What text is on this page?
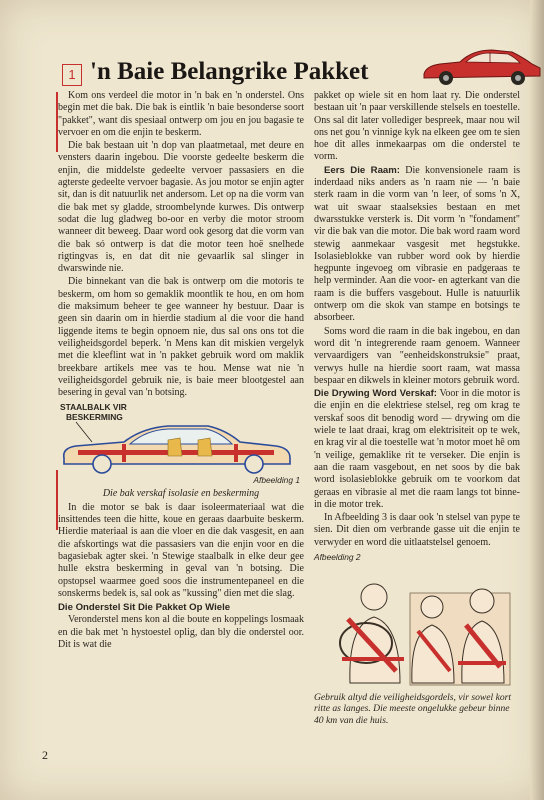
1 'n Baie Belangrike Pakket

Kom ons verdeel die motor in 'n bak en 'n onderstel. Ons begin met die bak. Die bak is eintlik 'n baie besonderse soort "pakket", want dis spesiaal ontwerp om jou en jou bagasie te vervoer en om die enjin te beskerm.

Die bak bestaan uit 'n dop van plaatmetaal, met deure en vensters daarin ingebou. Die voorste gedeelte beskerm die enjin, die middelste gedeelte vervoer passasiers en die agterste gedeelte vervoer bagasie. As jou motor se enjin agter sit, dan is dit natuurlik net andersom. Let op na die vorm van die bak met sy gladde, stroombelynde kurwes. Dis ontwerp sodat die lug gladweg bo-oor en verby die motor stroom wanneer dit beweeg. Daar word ook gesorg dat die vorm van die bak só ontwerp is dat die motor teen hoë snelhede rigtingvas is, en dat dit nie gevaarlik sal slinger in dwarswinde nie.

Die binnekant van die bak is ontwerp om die motoris te beskerm, om hom so gemaklik moontlik te hou, en om hom die maksimum beheer te gee wanneer hy bestuur. Daar is geen sin daarin om in hierdie stadium al die voor die hand liggende items te begin opnoem nie, dus sal ons ons tot die veiligheidsgordel beperk. 'n Mens kan dit miskien vergelyk met die kleeflint wat in 'n pakket gebruik word om maklik breekbare artikels mee vas te hou. Mense wat nie 'n veiligheidsgordel gebruik nie, is baie meer blootgestel aan besering in geval van 'n botsing.

STAALBALK VIR
BESKERMING
Afbeelding 1

Die bak verskaf isolasie en beskerming

In die motor se bak is daar isoleermateriaal wat die insittendes teen die hitte, koue en geraas daarbuite beskerm. Hierdie materiaal is aan die vloer en die dak vasgesit, en aan die afskortings wat die passasiers van die enjin voor en die bagasiebak agter skei. 'n Stewige staalbalk in elke deur gee hulle ekstra beskerming in geval van 'n botsing. Die opstopsel waarmee goed soos die instrumentepaneel en die sonskerms bedek is, sal ook as "kussing" dien met die slag.

Die Onderstel Sit Die Pakket Op Wiele

Veronderstel mens kon al die boute en koppelings losmaak en die bak met 'n hystoestel oplig, dan bly die onderstel oor. Dit is wat die

pakket op wiele sit en hom laat ry. Die onderstel bestaan uit 'n paar verskillende stelsels en toestelle. Ons sal dit later vollediger bespreek, maar nou wil ons net gou 'n vinnige kyk na elkeen gee om te sien hoe dit alles inmekaarpas om die onderstel te vorm.

Eers Die Raam: Die konvensionele raam is inderdaad niks anders as 'n raam nie — 'n baie sterk raam in die vorm van 'n leer, of soms 'n X, wat uit swaar staalseksies bestaan en met dwarsstukke versterk is. Dit vorm 'n "fondament" vir die bak van die motor. Die bak word raam word stewig aanmekaar vasgesit met hegstukke. Isolasieblokke van rubber word ook by hierdie hegpunte ingevoeg om vibrasie en padgeraas te help verminder. Aan die voor- en agterkant van die raam is die buffers vasgebout. Hulle is natuurlik ontwerp om die skok van stampe en botsings te absorbeer.

Soms word die raam in die bak ingebou, en dan word dit 'n integrerende raam genoem. Wanneer vervaardigers van "eenheidskonstruksie" praat, verwys hulle na hierdie soort raam, wat massa bespaar en dikwels in kleiner motors gebruik word.

Die Drywing Word Verskaf: Voor in die motor is die enjin en die elektriese stelsel, reg om krag te verskaf soos dit benodig word — drywing om die wiele te laat draai, krag om elektrisiteit op te wek, en krag vir al die toestelle wat 'n motor moet hê om 'n veilige, gemaklike rit te verseker. Die enjin is aan die raam vasgebout, en net soos by die bak word isolasieblokke gebruik om te voorkom dat geraas en vibrasie al met die raam langs tot binne-in die motor trek.

In Afbeelding 3 is daar ook 'n stelsel van pype te sien. Dit dien om verbrande gasse uit die enjin te verwyder en word die uitlaatstelsel genoem.

Afbeelding 2

Gebruik altyd die veiligheidsgordels, vir sowel kort ritte as langes. Die meeste ongelukke gebeur binne 40 km van die huis.

2
